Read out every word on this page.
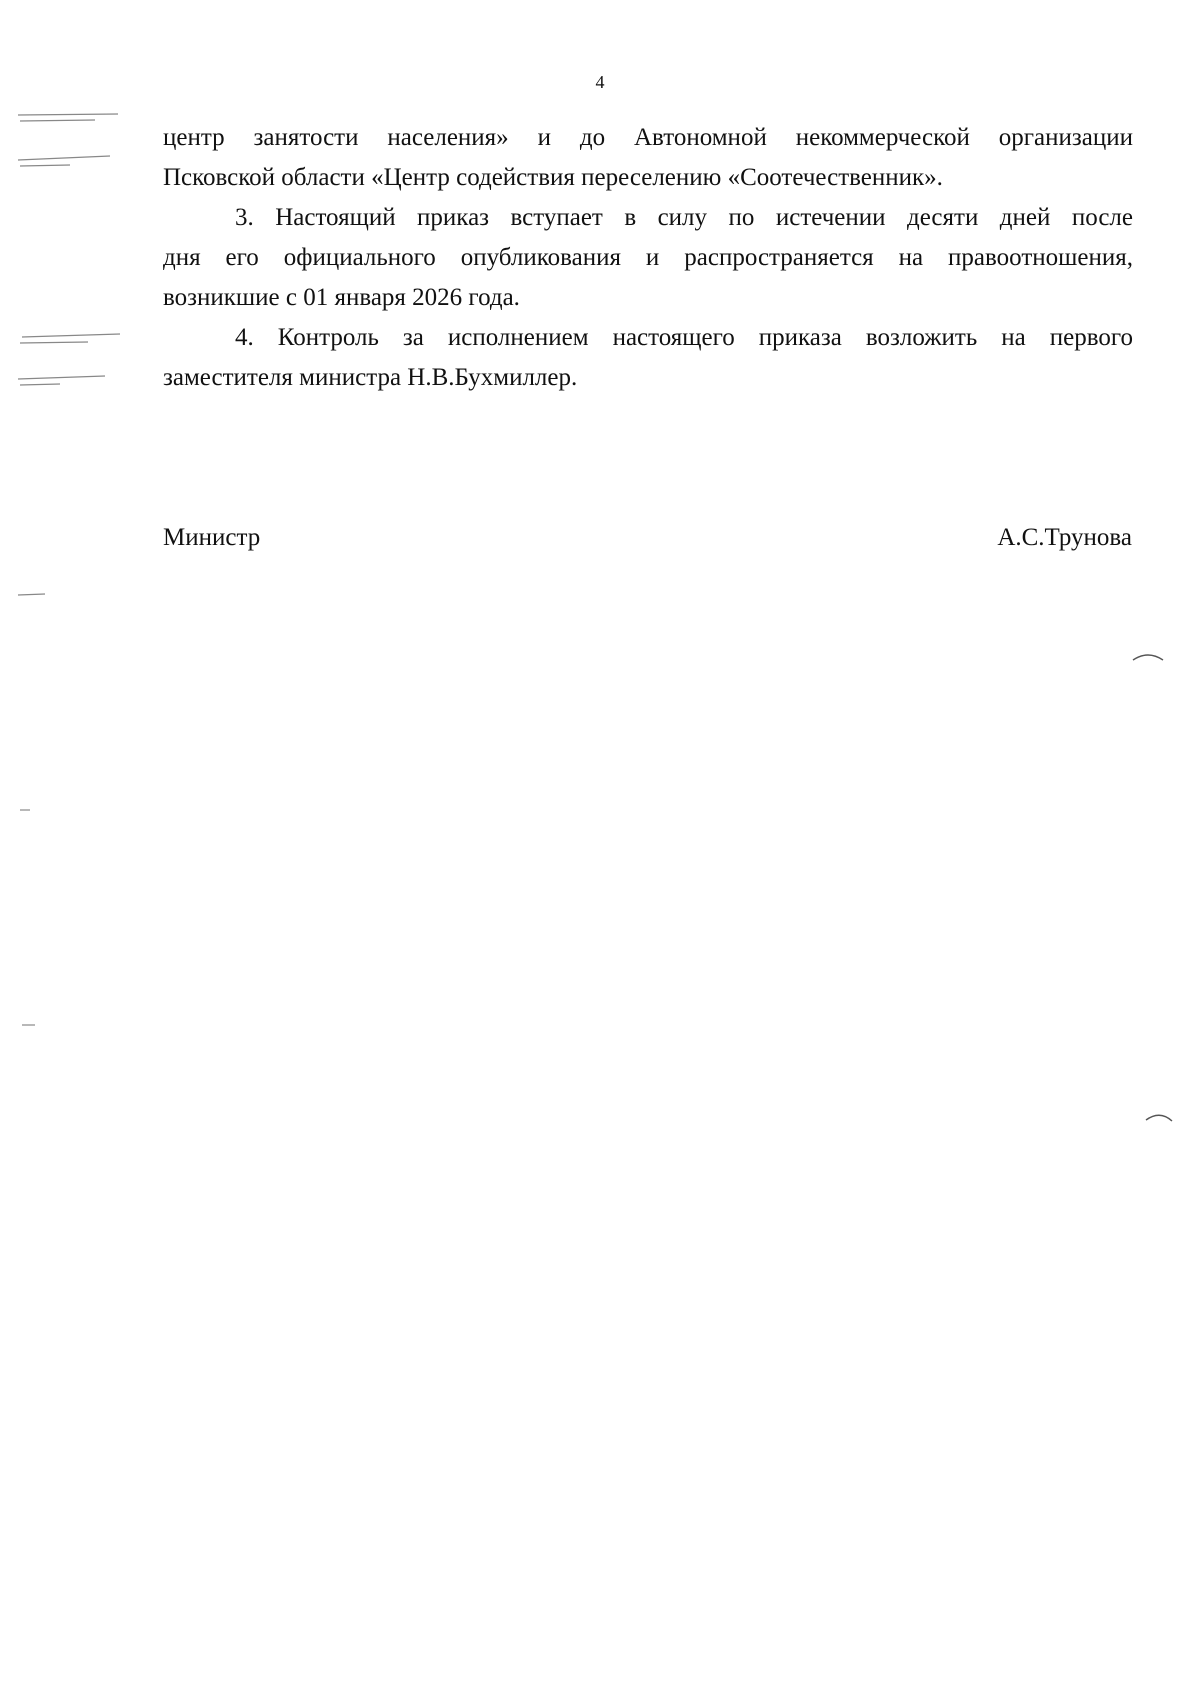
4
центр занятости населения» и до Автономной некоммерческой организации
Псковской области «Центр содействия переселению «Соотечественник».
3. Настоящий приказ вступает в силу по истечении десяти дней после
дня его официального опубликования и распространяется на правоотношения,
возникшие с 01 января 2026 года.
4. Контроль за исполнением настоящего приказа возложить на первого
заместителя министра Н.В.Бухмиллер.
Министр	А.С.Трунова
